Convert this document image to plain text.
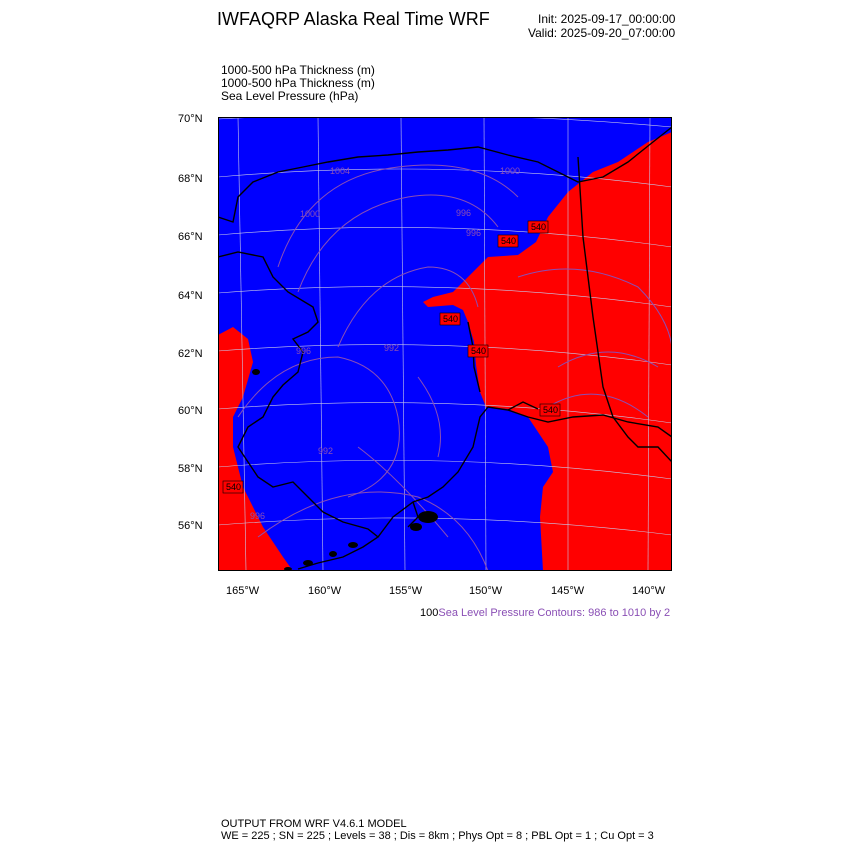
IWFAQRP Alaska Real Time WRF	Init: 2025-09-17_00:00:00
Valid: 2025-09-20_07:00:00
1000-500 hPa Thickness (m)
1000-500 hPa Thickness (m)
Sea Level Pressure (hPa)
70°N
68°N
66°N
64°N
62°N
60°N
58°N
56°N
165°W	160°W	155°W	150°W	145°W	140°W
540
540
540
540
540
540
1004
1000
1000
996
996
996	992
992
996
100Sea Level Pressure Contours: 986 to 1010 by 2
OUTPUT FROM WRF V4.6.1 MODEL
WE = 225 ; SN = 225 ; Levels = 38 ; Dis = 8km ; Phys Opt = 8 ; PBL Opt = 1 ; Cu Opt = 3
